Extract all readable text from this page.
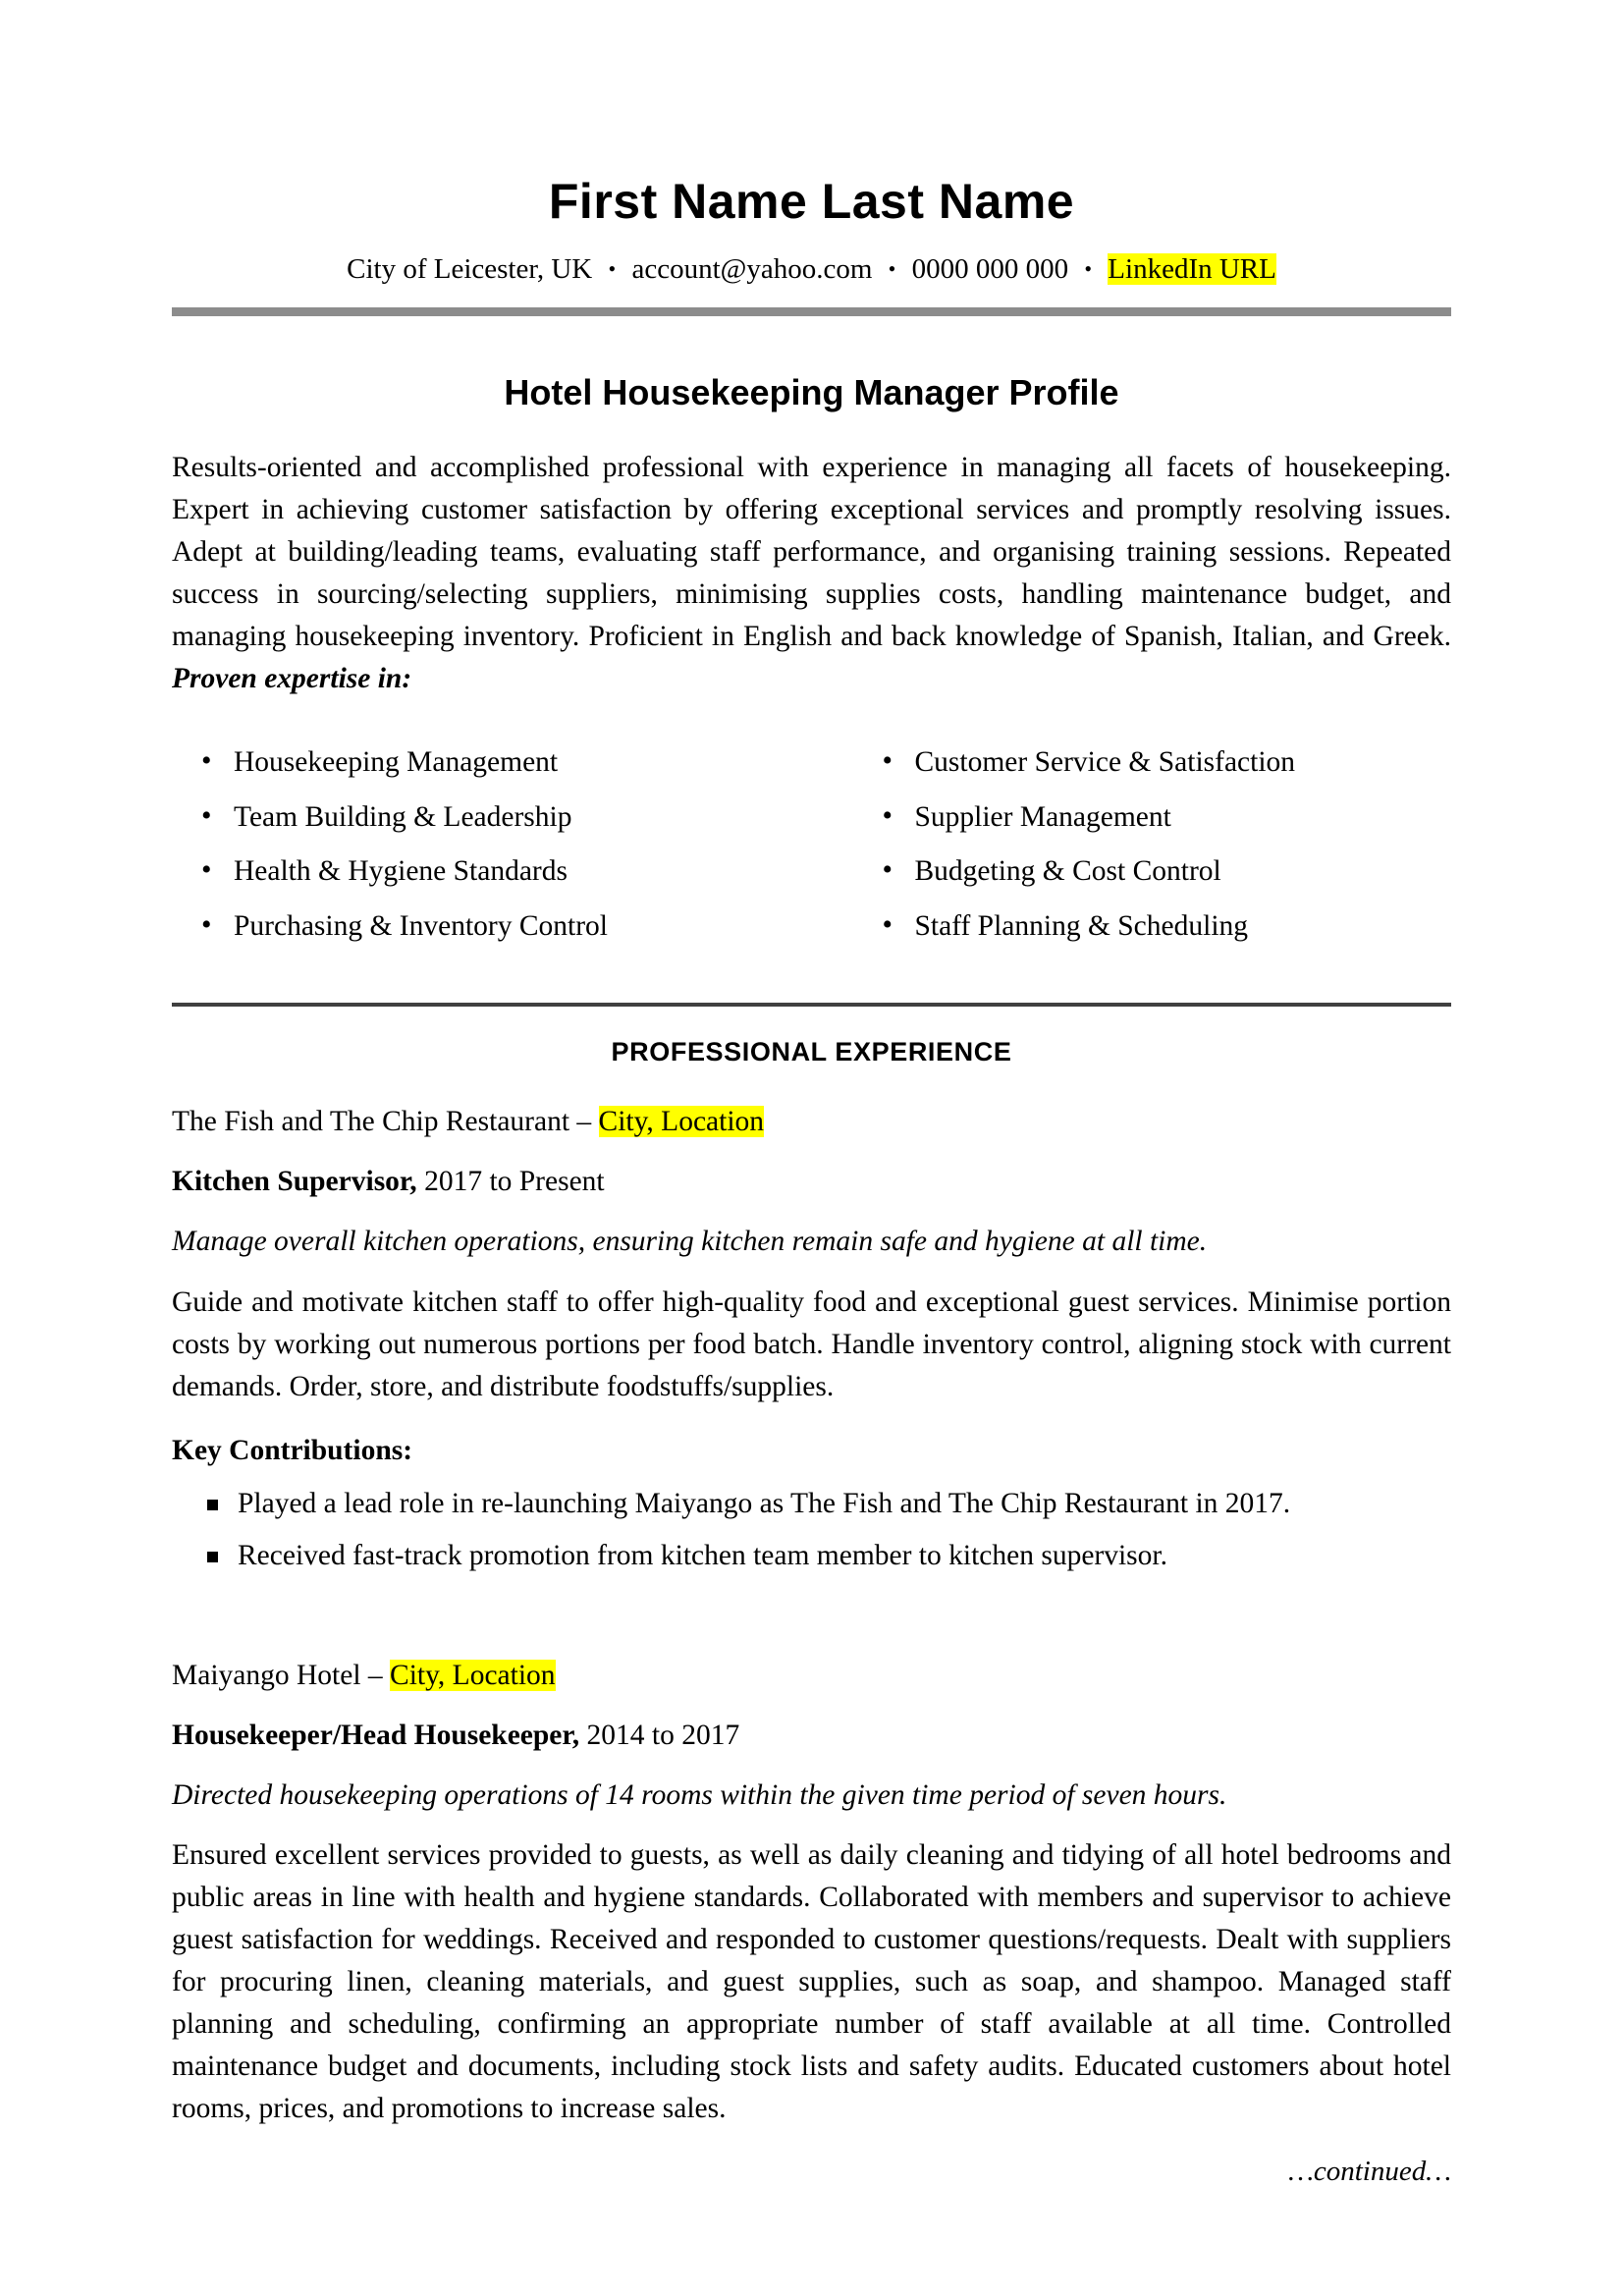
First Name Last Name
City of Leicester, UK • account@yahoo.com • 0000 000 000 • LinkedIn URL
Hotel Housekeeping Manager Profile

Results-oriented and accomplished professional with experience in managing all facets of housekeeping. Expert in achieving customer satisfaction by offering exceptional services and promptly resolving issues. Adept at building/leading teams, evaluating staff performance, and organising training sessions. Repeated success in sourcing/selecting suppliers, minimising supplies costs, handling maintenance budget, and managing housekeeping inventory. Proficient in English and back knowledge of Spanish, Italian, and Greek. Proven expertise in:

• Housekeeping Management
• Team Building & Leadership
• Health & Hygiene Standards
• Purchasing & Inventory Control
• Customer Service & Satisfaction
• Supplier Management
• Budgeting & Cost Control
• Staff Planning & Scheduling
PROFESSIONAL EXPERIENCE

The Fish and The Chip Restaurant – City, Location

Kitchen Supervisor, 2017 to Present

Manage overall kitchen operations, ensuring kitchen remain safe and hygiene at all time.

Guide and motivate kitchen staff to offer high-quality food and exceptional guest services. Minimise portion costs by working out numerous portions per food batch. Handle inventory control, aligning stock with current demands. Order, store, and distribute foodstuffs/supplies.

Key Contributions:

Played a lead role in re-launching Maiyango as The Fish and The Chip Restaurant in 2017.
Received fast-track promotion from kitchen team member to kitchen supervisor.

Maiyango Hotel – City, Location

Housekeeper/Head Housekeeper, 2014 to 2017

Directed housekeeping operations of 14 rooms within the given time period of seven hours.

Ensured excellent services provided to guests, as well as daily cleaning and tidying of all hotel bedrooms and public areas in line with health and hygiene standards. Collaborated with members and supervisor to achieve guest satisfaction for weddings. Received and responded to customer questions/requests. Dealt with suppliers for procuring linen, cleaning materials, and guest supplies, such as soap, and shampoo. Managed staff planning and scheduling, confirming an appropriate number of staff available at all time. Controlled maintenance budget and documents, including stock lists and safety audits. Educated customers about hotel rooms, prices, and promotions to increase sales.

…continued…
